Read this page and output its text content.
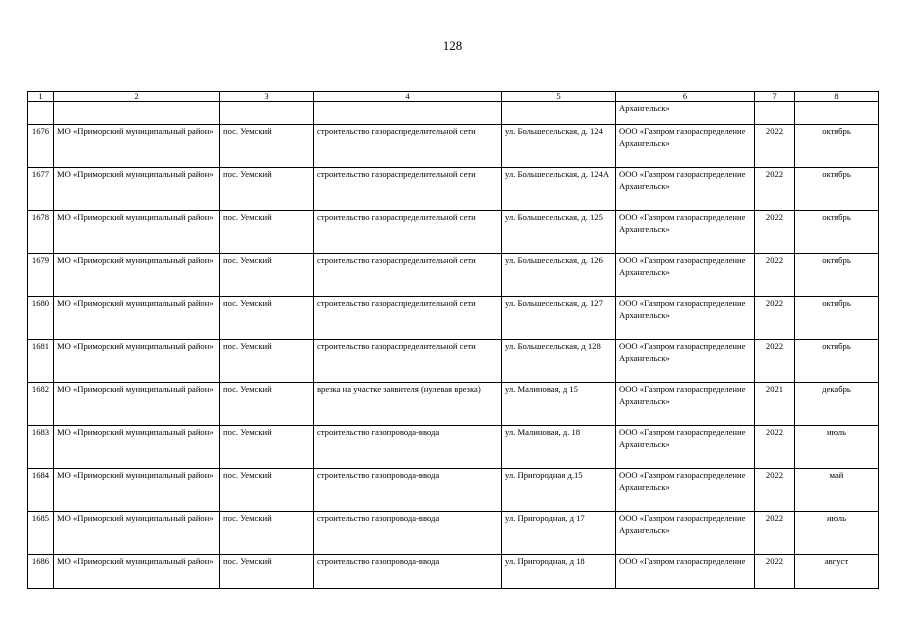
128
1	2	3	4	5	6	7	8
					Архангельск»		
1676	МО «Приморский муниципальный район»	пос. Уемский	строительство газораспределительной сети	ул. Большесельская, д. 124	ООО «Газпром газораспределение Архангельск»	2022	октябрь
1677	МО «Приморский муниципальный район»	пос. Уемский	строительство газораспределительной сети	ул. Большесельская, д. 124А	ООО «Газпром газораспределение Архангельск»	2022	октябрь
1678	МО «Приморский муниципальный район»	пос. Уемский	строительство газораспределительной сети	ул. Большесельская, д. 125	ООО «Газпром газораспределение Архангельск»	2022	октябрь
1679	МО «Приморский муниципальный район»	пос. Уемский	строительство газораспределительной сети	ул. Большесельская, д. 126	ООО «Газпром газораспределение Архангельск»	2022	октябрь
1680	МО «Приморский муниципальный район»	пос. Уемский	строительство газораспределительной сети	ул. Большесельская, д. 127	ООО «Газпром газораспределение Архангельск»	2022	октябрь
1681	МО «Приморский муниципальный район»	пос. Уемский	строительство газораспределительной сети	ул. Большесельская, д 128	ООО «Газпром газораспределение Архангельск»	2022	октябрь
1682	МО «Приморский муниципальный район»	пос. Уемский	врезка на участке заявителя (нулевая врезка)	ул. Малиновая, д 15	ООО «Газпром газораспределение Архангельск»	2021	декабрь
1683	МО «Приморский муниципальный район»	пос. Уемский	строительство газопровода-ввода	ул. Малиновая, д. 18	ООО «Газпром газораспределение Архангельск»	2022	июль
1684	МО «Приморский муниципальный район»	пос. Уемский	строительство газопровода-ввода	ул. Пригородная д.15	ООО «Газпром газораспределение Архангельск»	2022	май
1685	МО «Приморский муниципальный район»	пос. Уемский	строительство газопровода-ввода	ул. Пригородная, д 17	ООО «Газпром газораспределение Архангельск»	2022	июль
1686	МО «Приморский муниципальный район»	пос. Уемский	строительство газопровода-ввода	ул. Пригородная, д 18	ООО «Газпром газораспределение	2022	август
